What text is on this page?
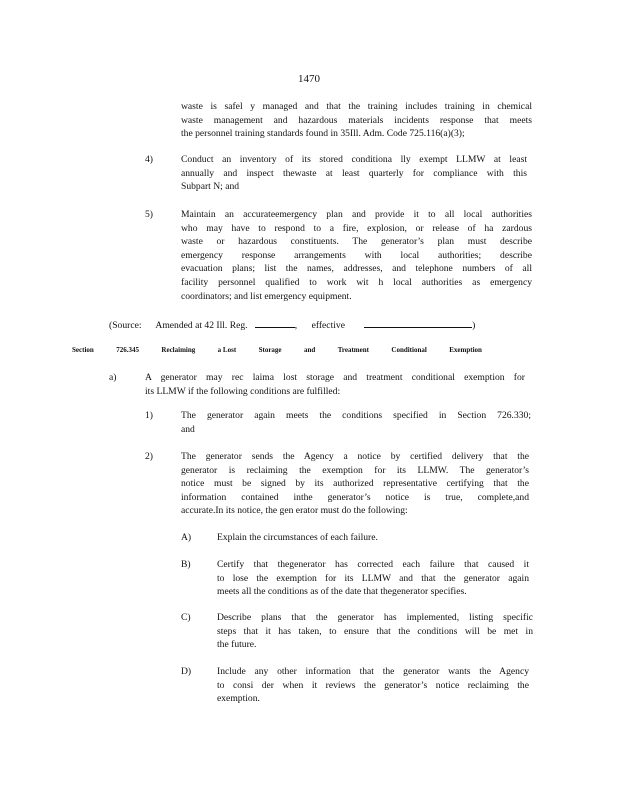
1470
waste is safel y managed and that the training includes training in chemical
waste management and hazardous materials incidents response that meets
the personnel training standards found in 35Ill. Adm. Code 725.116(a)(3);
4)	Conduct an inventory of its stored conditiona lly exempt LLMW at least
annually and inspect thewaste at least quarterly for compliance with this
Subpart N; and
5)	Maintain an accurateemergency plan and provide it to all local authorities
who may have to respond to a fire, explosion, or release of ha zardous
waste or hazardous constituents. The generator’s plan must describe
emergency response arrangements with local authorities; describe
evacuation plans; list the names, addresses, and telephone numbers of all
facility personnel qualified to work wit h local authorities as emergency
coordinators; and list emergency equipment.
(Source: Amended at 42 Ill. Reg.	, effective	)
Section	726.345	Reclaiming	a Lost	Storage	and	Treatment	Conditional	Exemption
a)	A generator may rec laima lost storage and treatment conditional exemption for
its LLMW if the following conditions are fulfilled:
1)	The generator again meets the conditions specified in Section 726.330;
and
2)	The generator sends the Agency a notice by certified delivery that the
generator is reclaiming the exemption for its LLMW. The generator’s
notice must be signed by its authorized representative certifying that the
information contained inthe generator’s notice is true, complete,and
accurate.In its notice, the gen erator must do the following:
A)	Explain the circumstances of each failure.
B)	Certify that thegenerator has corrected each failure that caused it
to lose the exemption for its LLMW and that the generator again
meets all the conditions as of the date that thegenerator specifies.
C)	Describe plans that the generator has implemented, listing specific
steps that it has taken, to ensure that the conditions will be met in
the future.
D)	Include any other information that the generator wants the Agency
to consi der when it reviews the generator’s notice reclaiming the
exemption.
